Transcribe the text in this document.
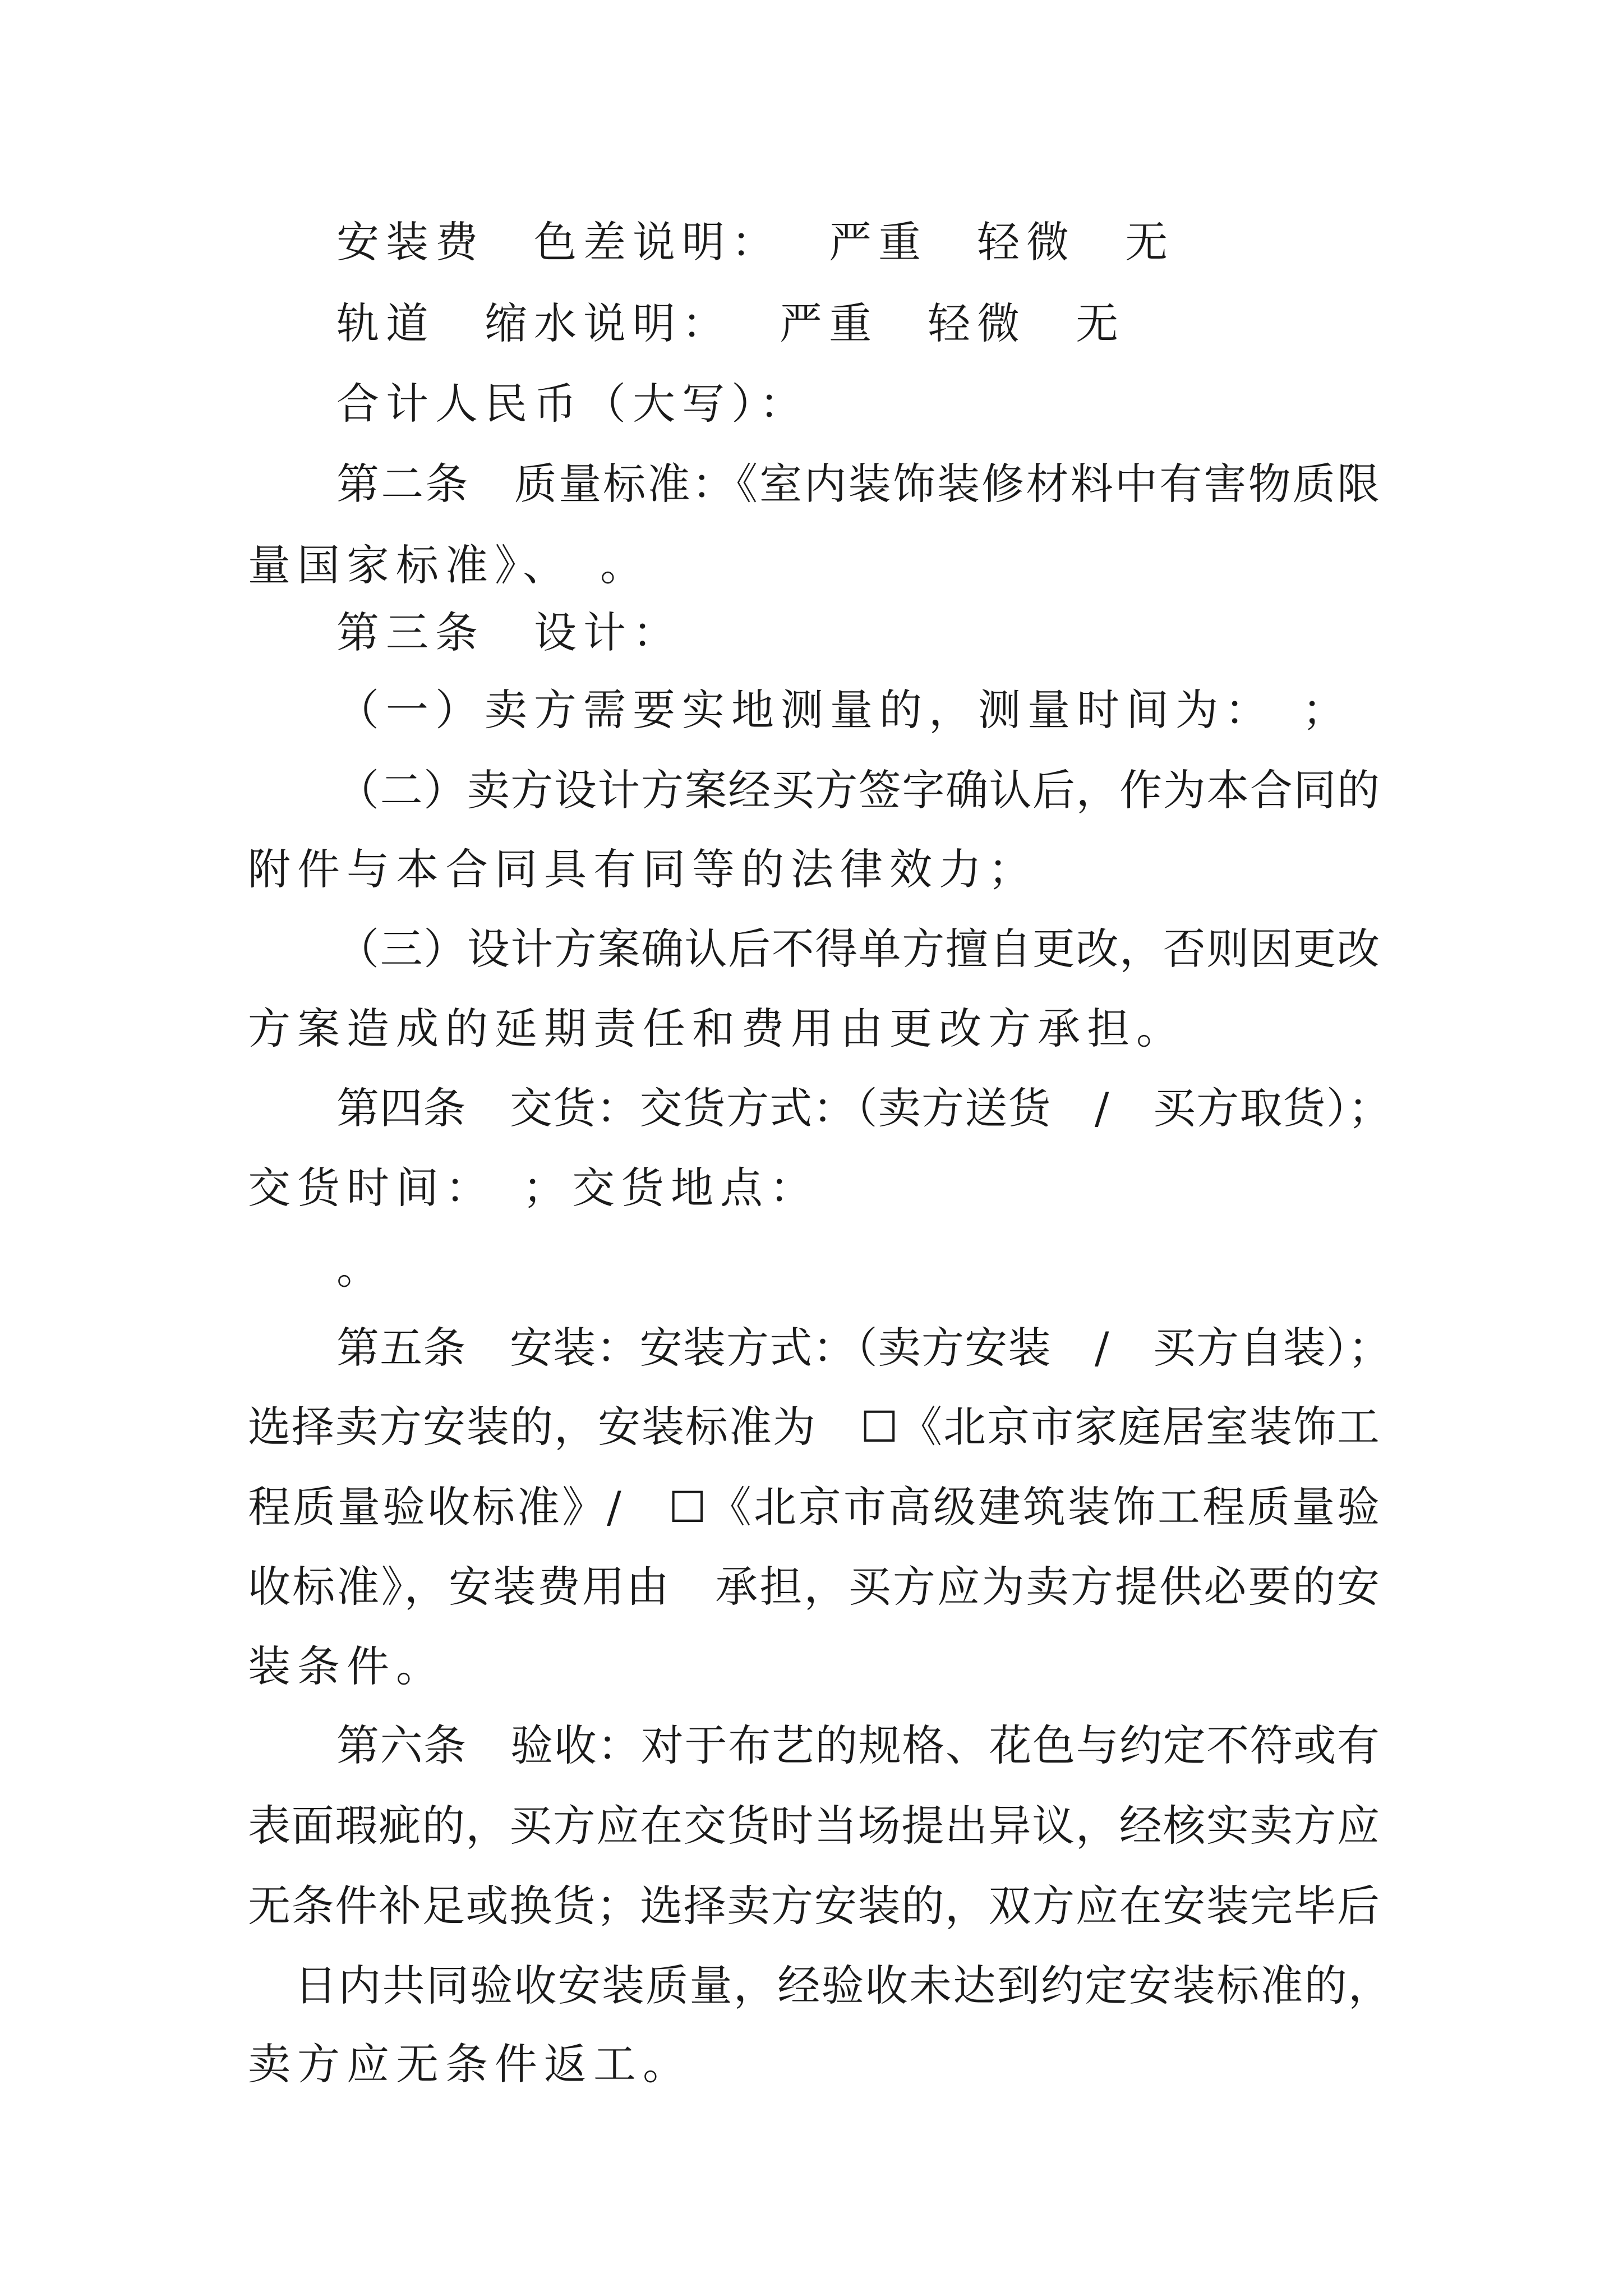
安装费　色差说明：　 严重　轻微　无
轨道　缩水说明：　 严重　轻微　无
合计人民币（大写）：
第二条　质量标准：《室内装饰装修材料中有害物质限
量国家标准》、　。
第三条　设计：
（一）卖方需要实地测量的，测量时间为：　；
（二）卖方设计方案经买方签字确认后，作为本合同的
附件与本合同具有同等的法律效力；
（三）设计方案确认后不得单方擅自更改，否则因更改
方案造成的延期责任和费用由更改方承担。
第四条　交货：交货方式：（卖方送货　/　买方取货）；
交货时间：　；交货地点：
。
第五条　安装：安装方式：（卖方安装　/　买方自装）；
选择卖方安装的，安装标准为　☐《北京市家庭居室装饰工
程质量验收标准》/　☐《北京市高级建筑装饰工程质量验
收标准》，安装费用由　承担，买方应为卖方提供必要的安
装条件。
第六条　验收：对于布艺的规格、花色与约定不符或有
表面瑕疵的，买方应在交货时当场提出异议，经核实卖方应
无条件补足或换货；选择卖方安装的，双方应在安装完毕后
日内共同验收安装质量，经验收未达到约定安装标准的，
卖方应无条件返工。
